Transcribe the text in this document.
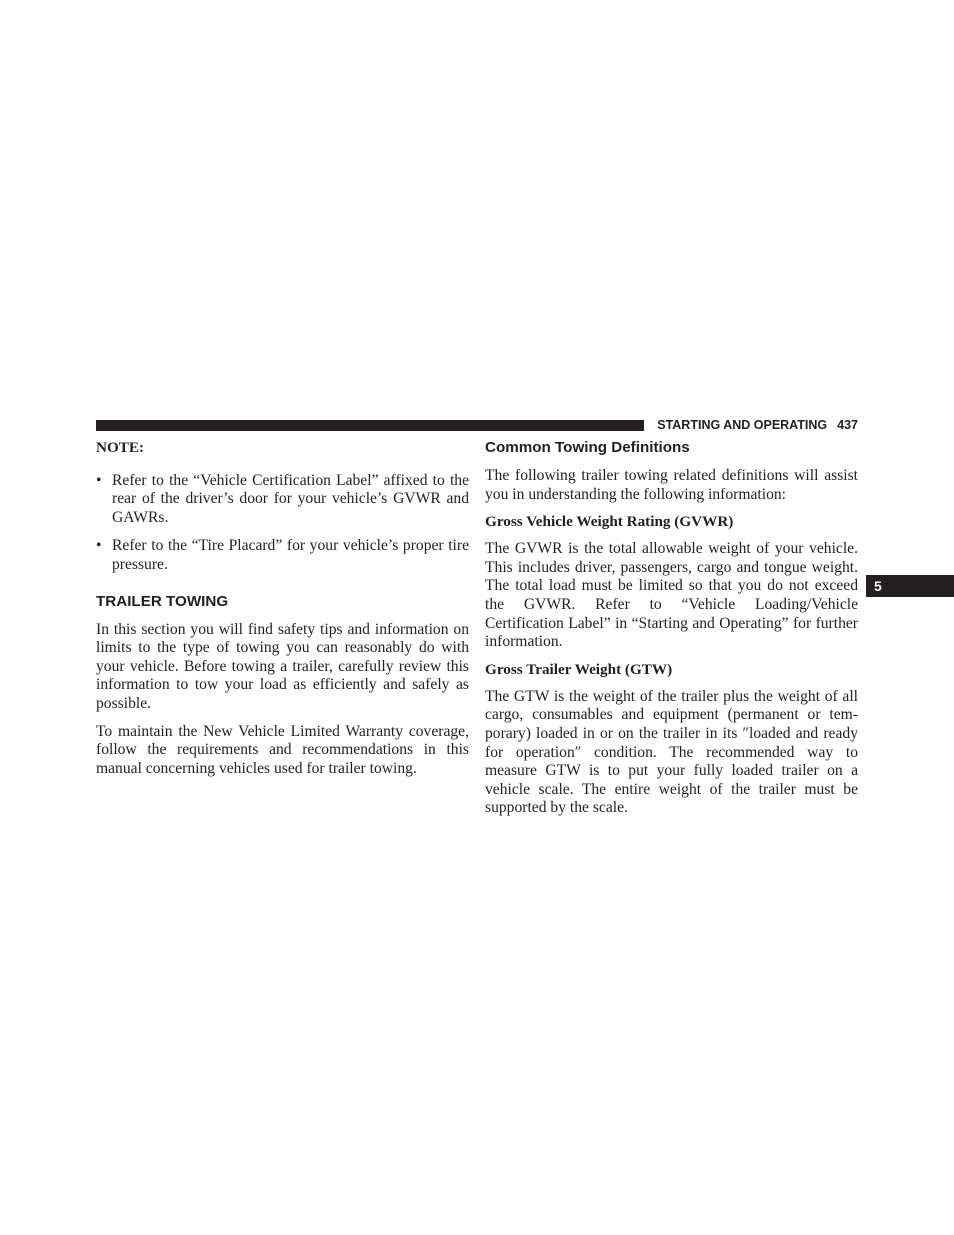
STARTING AND OPERATING 437
5
NOTE:
• Refer to the “Vehicle Certification Label” affixed to the rear of the driver’s door for your vehicle’s GVWR and GAWRs.
• Refer to the “Tire Placard” for your vehicle’s proper tire pressure.
TRAILER TOWING

In this section you will find safety tips and information on limits to the type of towing you can reasonably do with your vehicle. Before towing a trailer, carefully review this information to tow your load as efficiently and safely as possible.

To maintain the New Vehicle Limited Warranty coverage, follow the requirements and recommendations in this manual concerning vehicles used for trailer towing.

Common Towing Definitions

The following trailer towing related definitions will assist you in understanding the following information:

Gross Vehicle Weight Rating (GVWR)

The GVWR is the total allowable weight of your vehicle. This includes driver, passengers, cargo and tongue weight. The total load must be limited so that you do not exceed the GVWR. Refer to “Vehicle Loading/Vehicle Certification Label” in “Starting and Operating” for further information.

Gross Trailer Weight (GTW)

The GTW is the weight of the trailer plus the weight of all cargo, consumables and equipment (permanent or tem- porary) loaded in or on the trailer in its ″loaded and ready for operation″ condition. The recommended way to measure GTW is to put your fully loaded trailer on a vehicle scale. The entire weight of the trailer must be supported by the scale.
